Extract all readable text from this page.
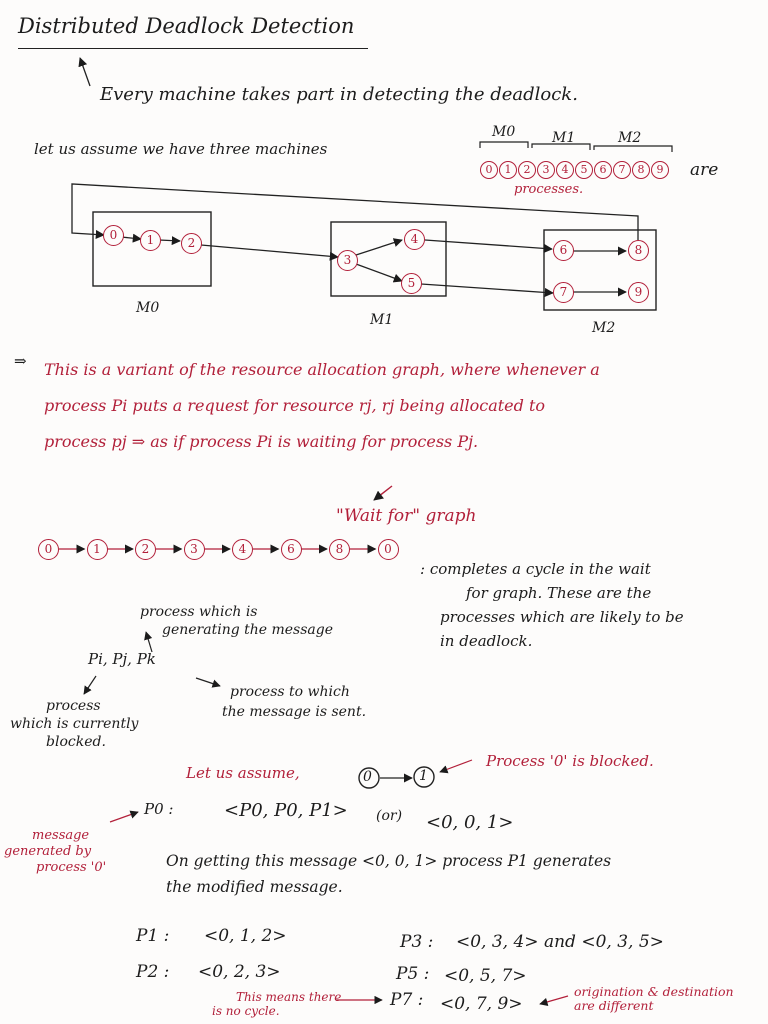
Distributed Deadlock Detection
Every machine takes part in detecting the deadlock.
M0	M1	M2
let us assume we have three machines
0 1 2 3 4 5 6 7 8 9	are
processes.
0	1	2
3
4
5
6
7
8
9
M0
M1	M2
⇒ This is a variant of the resource allocation graph, where whenever a
process Pi puts a request for resource rj, rj being allocated to
process pj ⇒ as if process Pi is waiting for process Pj.
"Wait for" graph
0	1	2	3	4	6	8	0
: completes a cycle in the wait
for graph. These are the
processes which are likely to be
in deadlock.
process which is
generating the message
Pi, Pj, Pk
process
which is currently
blocked.
process to which
the message is sent.
Let us assume,	0	1
Process '0' is blocked.
P0 :	<P0, P0, P1> (or) <0, 0, 1>
message
generated by
process '0'	On getting this message <0, 0, 1> process P1 generates
the modified message.
P1 : <0, 1, 2>
P2 : <0, 2, 3>
P3 : <0, 3, 4> and <0, 3, 5>
P5 : <0, 5, 7>
P7 : <0, 7, 9>
This means there
is no cycle.
origination & destination
are different
